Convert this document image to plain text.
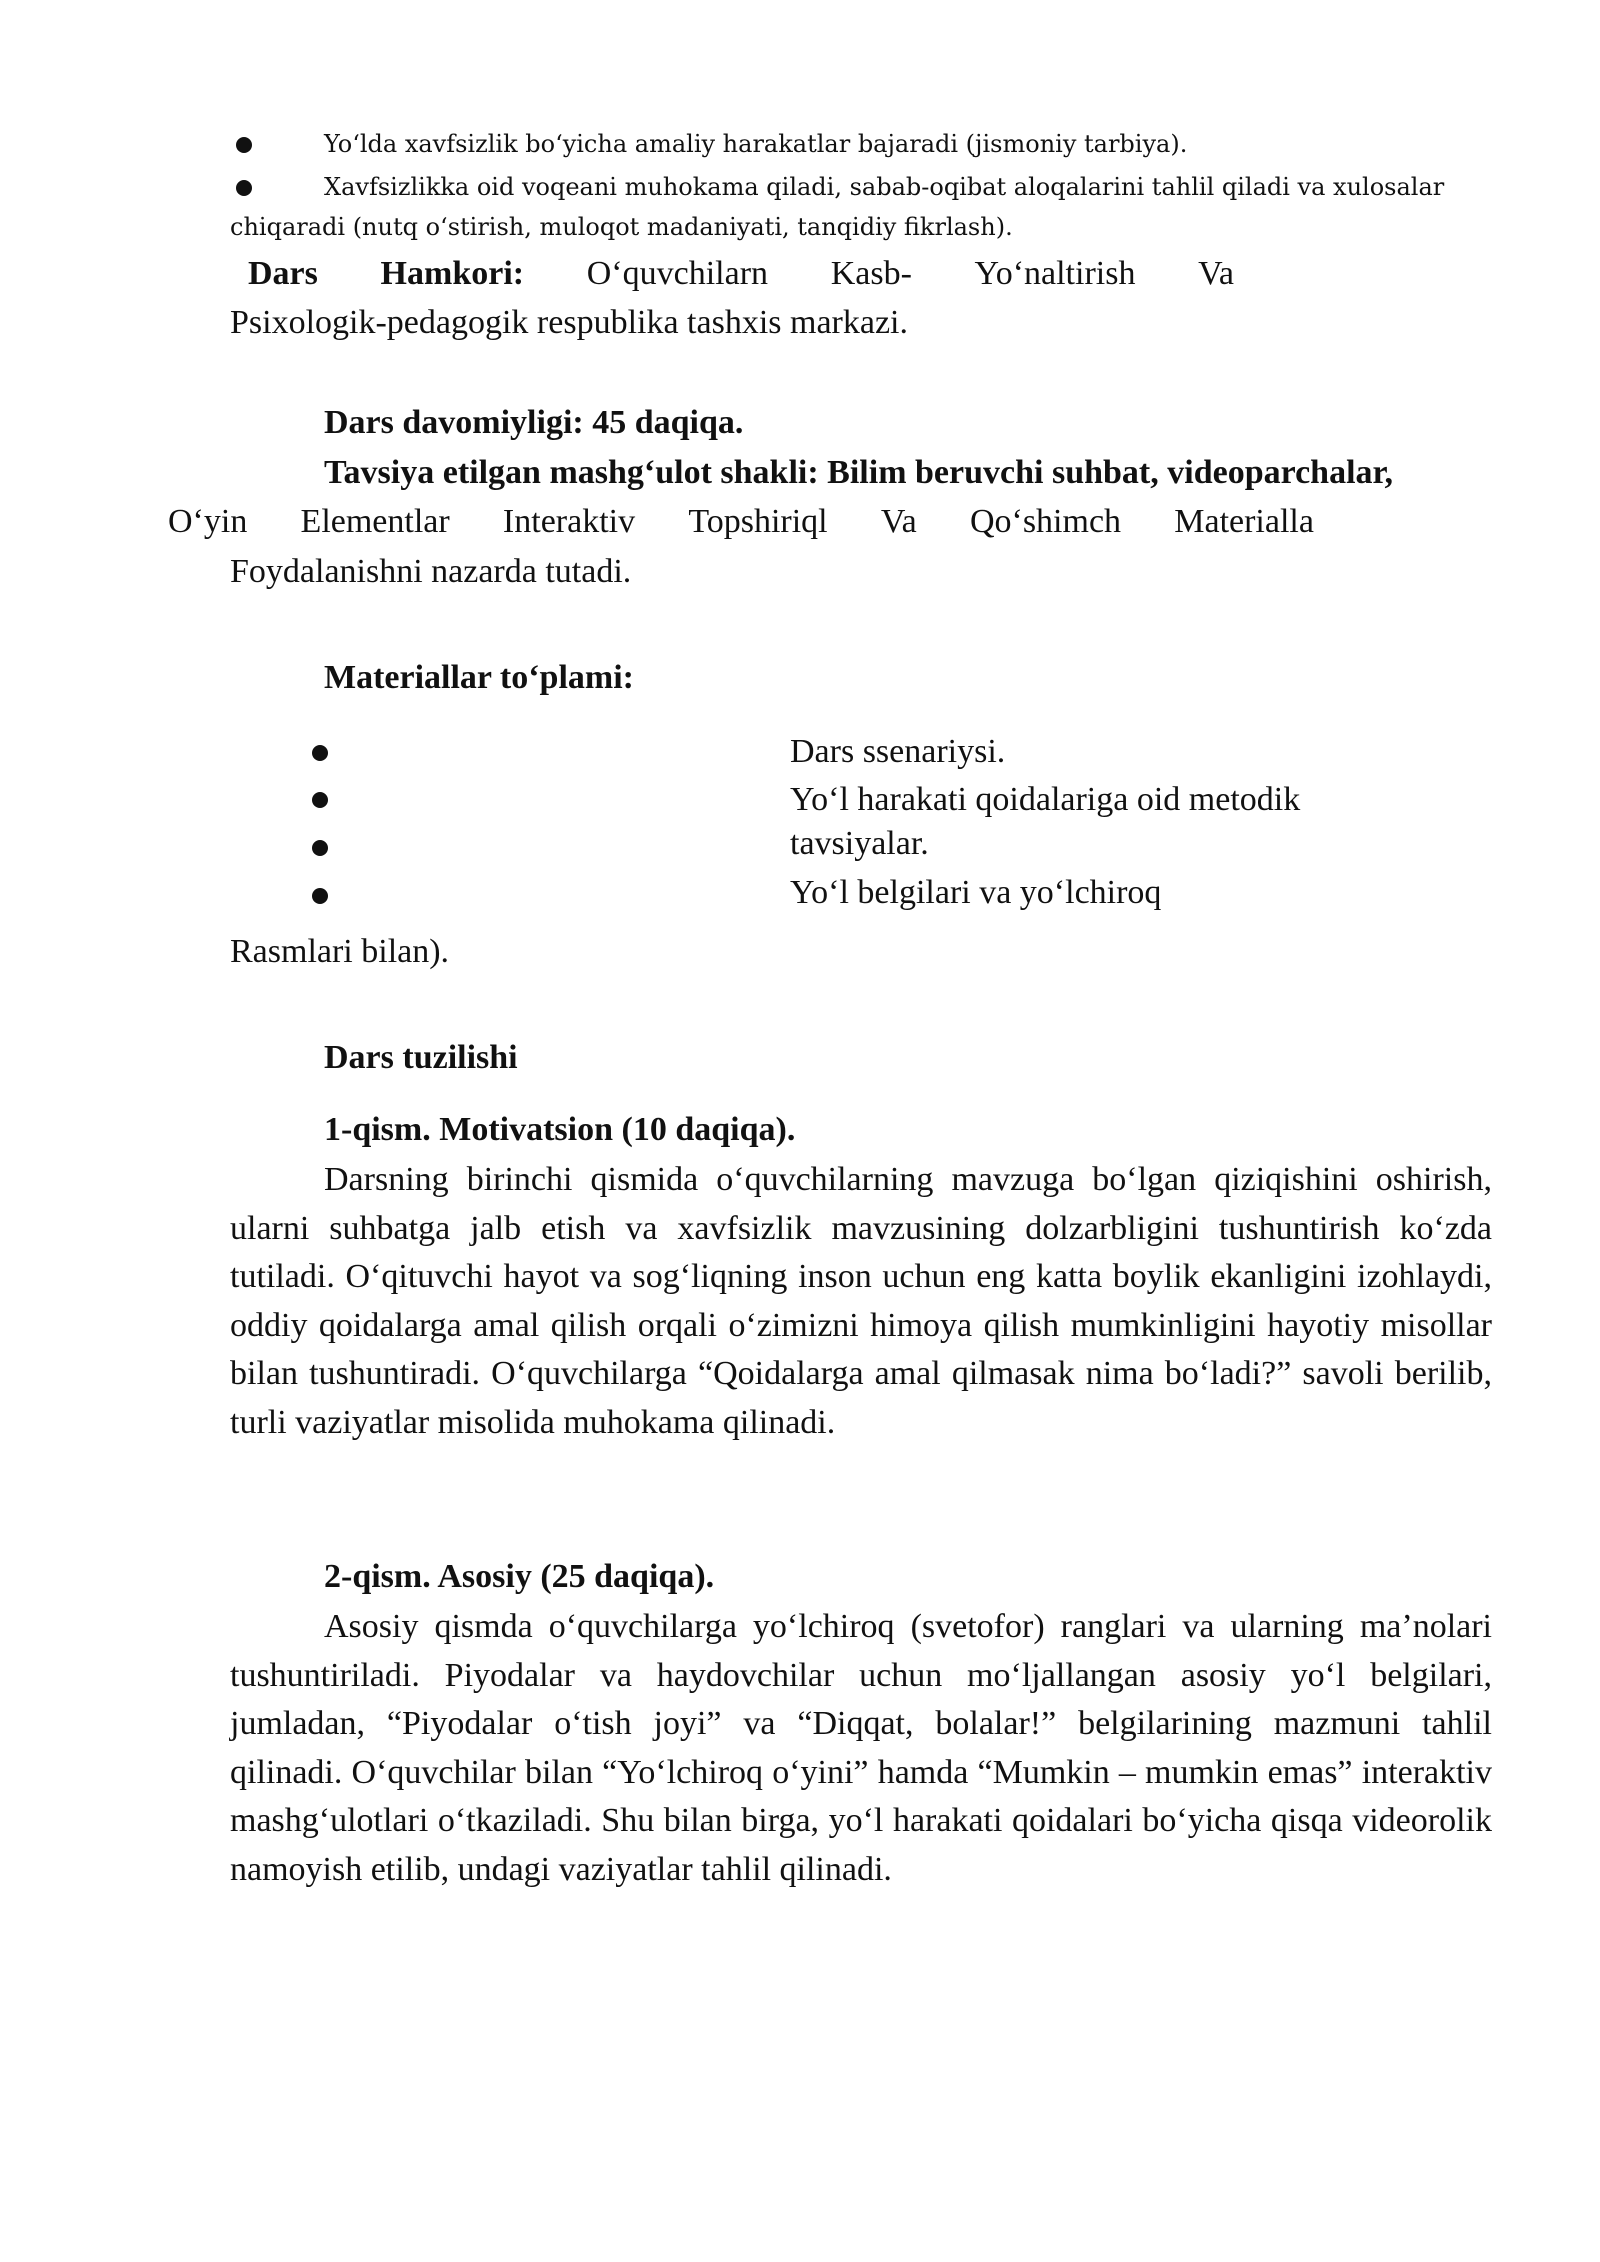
Yo‘lda xavfsizlik bo‘yicha amaliy harakatlar bajaradi (jismoniy tarbiya).
Xavfsizlikka oid voqeani muhokama qiladi, sabab-oqibat aloqalarini tahlil qiladi va xulosalar
chiqaradi (nutq o‘stirish, muloqot madaniyati, tanqidiy fikrlash).
Dars Hamkori: O‘quvchilarn Kasb- Yo‘naltirish Va
Psixologik-pedagogik respublika tashxis markazi.
Dars davomiyligi: 45 daqiqa.
Tavsiya etilgan mashg‘ulot shakli: Bilim beruvchi suhbat, videoparchalar,
O‘yin Elementlar Interaktiv Topshiriql Va Qo‘shimch Materialla
Foydalanishni nazarda tutadi.
Materiallar to‘plami:
Dars ssenariysi.
Yo‘l harakati qoidalariga oid metodik
tavsiyalar.
Yo‘l belgilari va yo‘lchiroq
Rasmlari bilan).
Dars tuzilishi
1-qism. Motivatsion (10 daqiqa).

Darsning birinchi qismida o‘quvchilarning mavzuga bo‘lgan qiziqishini oshirish, ularni suhbatga jalb etish va xavfsizlik mavzusining dolzarbligini tushuntirish ko‘zda tutiladi. O‘qituvchi hayot va sog‘liqning inson uchun eng katta boylik ekanligini izohlaydi, oddiy qoidalarga amal qilish orqali o‘zimizni himoya qilish mumkinligini hayotiy misollar bilan tushuntiradi. O‘quvchilarga “Qoidalarga amal qilmasak nima bo‘ladi?” savoli berilib, turli vaziyatlar misolida muhokama qilinadi.

2-qism. Asosiy (25 daqiqa).

Asosiy qismda o‘quvchilarga yo‘lchiroq (svetofor) ranglari va ularning ma’nolari tushuntiriladi. Piyodalar va haydovchilar uchun mo‘ljallangan asosiy yo‘l belgilari, jumladan, “Piyodalar o‘tish joyi” va “Diqqat, bolalar!” belgilarining mazmuni tahlil qilinadi. O‘quvchilar bilan “Yo‘lchiroq o‘yini” hamda “Mumkin – mumkin emas” interaktiv mashg‘ulotlari o‘tkaziladi. Shu bilan birga, yo‘l harakati qoidalari bo‘yicha qisqa videorolik namoyish etilib, undagi vaziyatlar tahlil qilinadi.
